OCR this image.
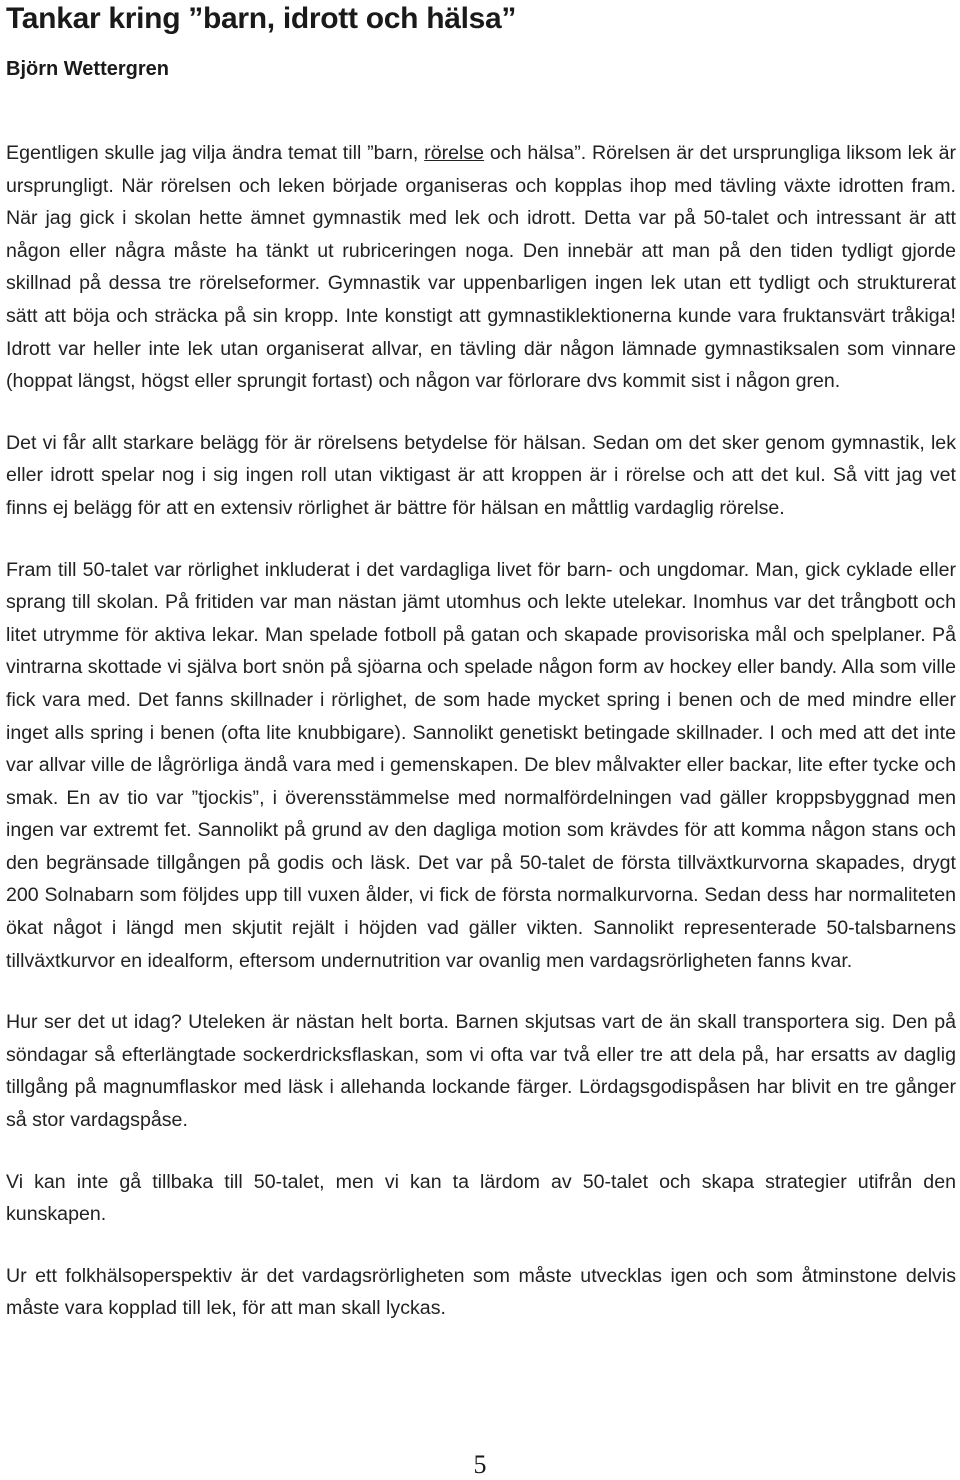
Tankar kring ”barn, idrott och hälsa”
Björn Wettergren

Egentligen skulle jag vilja ändra temat till ”barn, rörelse och hälsa”. Rörelsen är det ursprungliga liksom lek är ursprungligt. När rörelsen och leken började organiseras och kopplas ihop med tävling växte idrotten fram. När jag gick i skolan hette ämnet gymnastik med lek och idrott. Detta var på 50-talet och intressant är att någon eller några måste ha tänkt ut rubriceringen noga. Den innebär att man på den tiden tydligt gjorde skillnad på dessa tre rörelseformer. Gymnastik var uppenbarligen ingen lek utan ett tydligt och strukturerat sätt att böja och sträcka på sin kropp. Inte konstigt att gymnastiklektionerna kunde vara fruktansvärt tråkiga! Idrott var heller inte lek utan organiserat allvar, en tävling där någon lämnade gymnastiksalen som vinnare (hoppat längst, högst eller sprungit fortast) och någon var förlorare dvs kommit sist i någon gren.

Det vi får allt starkare belägg för är rörelsens betydelse för hälsan. Sedan om det sker genom gymnastik, lek eller idrott spelar nog i sig ingen roll utan viktigast är att kroppen är i rörelse och att det kul. Så vitt jag vet finns ej belägg för att en extensiv rörlighet är bättre för hälsan en måttlig vardaglig rörelse.

Fram till 50-talet var rörlighet inkluderat i det vardagliga livet för barn- och ungdomar. Man, gick cyklade eller sprang till skolan. På fritiden var man nästan jämt utomhus och lekte utelekar. Inomhus var det trångbott och litet utrymme för aktiva lekar. Man spelade fotboll på gatan och skapade provisoriska mål och spelplaner. På vintrarna skottade vi själva bort snön på sjöarna och spelade någon form av hockey eller bandy. Alla som ville fick vara med. Det fanns skillnader i rörlighet, de som hade mycket spring i benen och de med mindre eller inget alls spring i benen (ofta lite knubbigare). Sannolikt genetiskt betingade skillnader. I och med att det inte var allvar ville de lågrörliga ändå vara med i gemenskapen. De blev målvakter eller backar, lite efter tycke och smak. En av tio var ”tjockis”, i överensstämmelse med normalfördelningen vad gäller kroppsbyggnad men ingen var extremt fet. Sannolikt på grund av den dagliga motion som krävdes för att komma någon stans och den begränsade tillgången på godis och läsk. Det var på 50-talet de första tillväxtkurvorna skapades, drygt 200 Solnabarn som följdes upp till vuxen ålder, vi fick de första normalkurvorna. Sedan dess har normaliteten ökat något i längd men skjutit rejält i höjden vad gäller vikten. Sannolikt representerade 50-talsbarnens tillväxtkurvor en idealform, eftersom undernutrition var ovanlig men vardagsrörligheten fanns kvar.

Hur ser det ut idag? Uteleken är nästan helt borta. Barnen skjutsas vart de än skall transportera sig. Den på söndagar så efterlängtade sockerdricksflaskan, som vi ofta var två eller tre att dela på, har ersatts av daglig tillgång på magnumflaskor med läsk i allehanda lockande färger. Lördagsgodispåsen har blivit en tre gånger så stor vardagspåse.

Vi kan inte gå tillbaka till 50-talet, men vi kan ta lärdom av 50-talet och skapa strategier utifrån den kunskapen.

Ur ett folkhälsoperspektiv är det vardagsrörligheten som måste utvecklas igen och som åtminstone delvis måste vara kopplad till lek, för att man skall lyckas.

5
